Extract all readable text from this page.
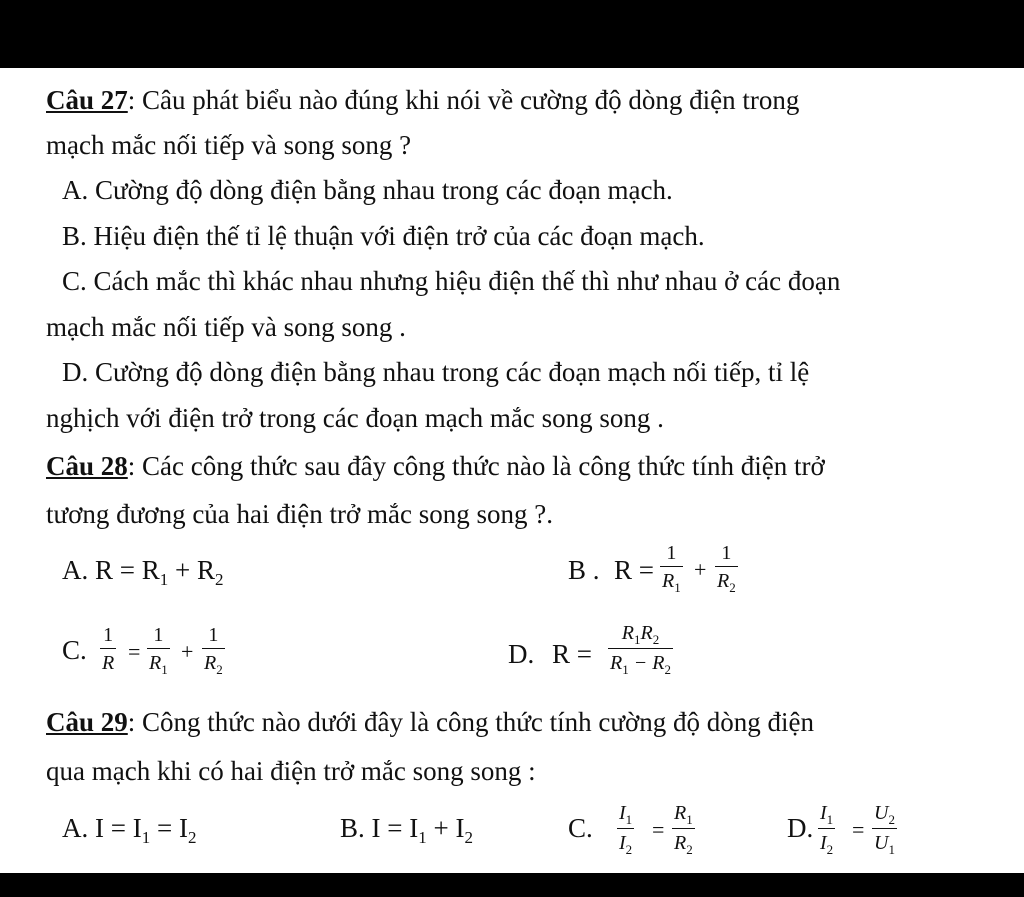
Câu 27: Câu phát biểu nào đúng khi nói về cường độ dòng điện trong
mạch mắc nối tiếp và song song ?
A. Cường độ dòng điện bằng nhau trong các đoạn mạch.
B. Hiệu điện thế tỉ lệ thuận với điện trở của các đoạn mạch.
C. Cách mắc thì khác nhau nhưng hiệu điện thế thì như nhau ở các đoạn
mạch mắc nối tiếp và song song .
D. Cường độ dòng điện bằng nhau trong các đoạn mạch nối tiếp, tỉ lệ
nghịch với điện trở trong các đoạn mạch mắc song song .
Câu 28: Các công thức sau đây công thức nào là công thức tính điện trở
tương đương của hai điện trở mắc song song ?.
A. $R = R_1 + R_2$	B . $R = \frac{1}{R_1} + \frac{1}{R_2}$
C. $\frac{1}{R} = \frac{1}{R_1} + \frac{1}{R_2}$	D. $R = \frac{R_1R_2}{R_1 - R_2}$
Câu 29: Công thức nào dưới đây là công thức tính cường độ dòng điện
qua mạch khi có hai điện trở mắc song song :
A. $I = I_1 = I_2$	B. $I = I_1 + I_2$	C. $\frac{I_1}{I_2} = \frac{R_1}{R_2}$	D. $\frac{I_1}{I_2} = \frac{U_2}{U_1}$
